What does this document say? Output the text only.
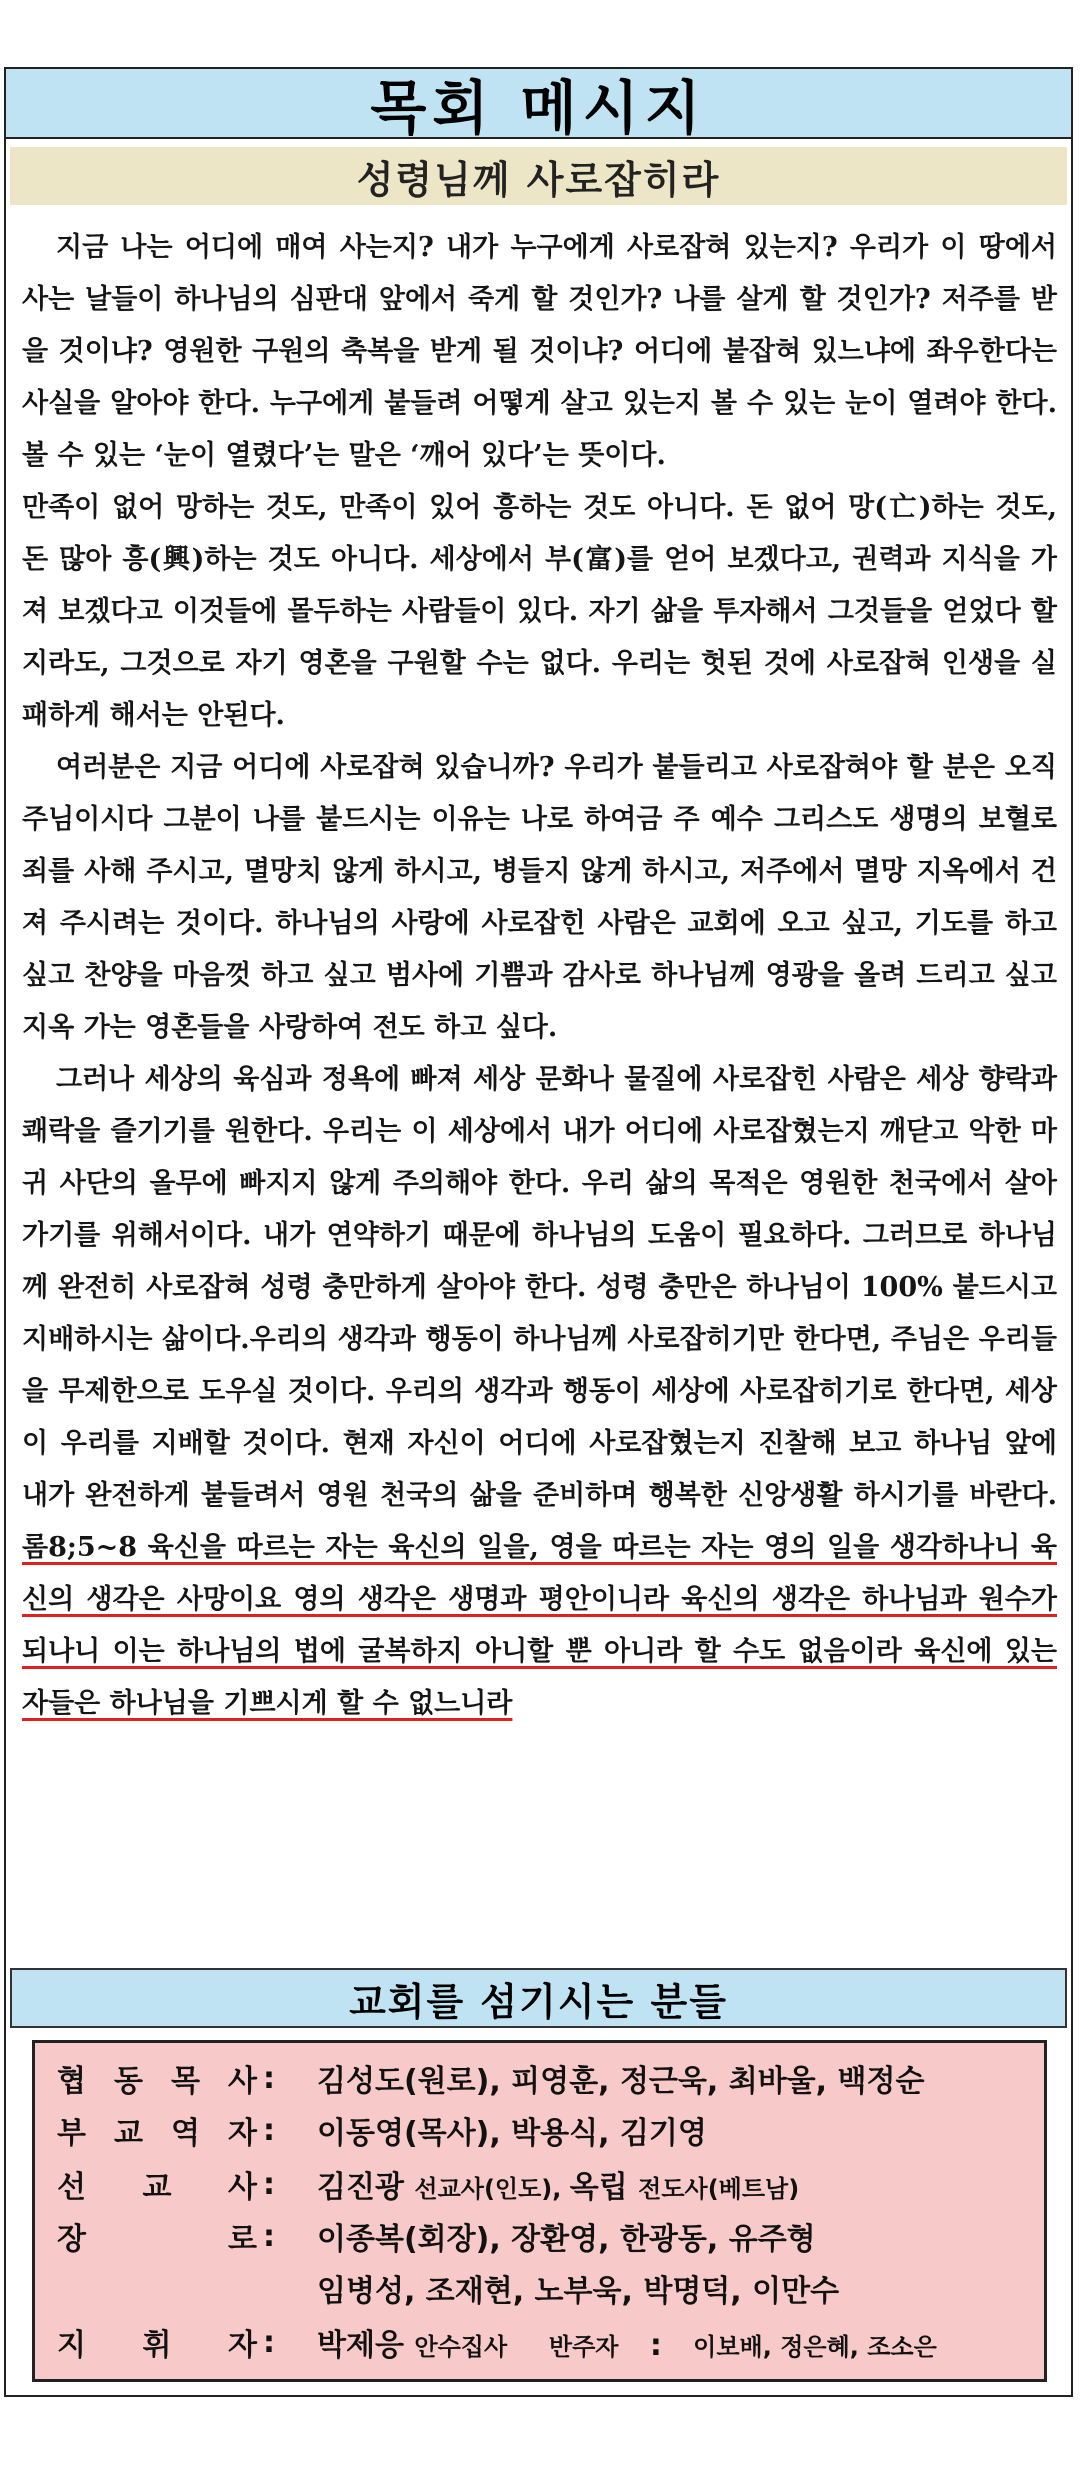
목회 메시지
성령님께 사로잡히라

지금 나는 어디에 매여 사는지? 내가 누구에게 사로잡혀 있는지? 우리가 이 땅에서 사는 날들이 하나님의 심판대 앞에서 죽게 할 것인가? 나를 살게 할 것인가? 저주를 받을 것이냐? 영원한 구원의 축복을 받게 될 것이냐? 어디에 붙잡혀 있느냐에 좌우한다는 사실을 알아야 한다. 누구에게 붙들려 어떻게 살고 있는지 볼 수 있는 눈이 열려야 한다. 볼 수 있는 ‘눈이 열렸다’는 말은 ‘깨어 있다’는 뜻이다.

만족이 없어 망하는 것도, 만족이 있어 흥하는 것도 아니다. 돈 없어 망(亡)하는 것도, 돈 많아 흥(興)하는 것도 아니다. 세상에서 부(富)를 얻어 보겠다고, 권력과 지식을 가져 보겠다고 이것들에 몰두하는 사람들이 있다. 자기 삶을 투자해서 그것들을 얻었다 할지라도, 그것으로 자기 영혼을 구원할 수는 없다. 우리는 헛된 것에 사로잡혀 인생을 실패하게 해서는 안된다.

여러분은 지금 어디에 사로잡혀 있습니까? 우리가 붙들리고 사로잡혀야 할 분은 오직 주님이시다 그분이 나를 붙드시는 이유는 나로 하여금 주 예수 그리스도 생명의 보혈로 죄를 사해 주시고, 멸망치 않게 하시고, 병들지 않게 하시고, 저주에서 멸망 지옥에서 건져 주시려는 것이다. 하나님의 사랑에 사로잡힌 사람은 교회에 오고 싶고, 기도를 하고 싶고 찬양을 마음껏 하고 싶고 범사에 기쁨과 감사로 하나님께 영광을 올려 드리고 싶고 지옥 가는 영혼들을 사랑하여 전도 하고 싶다.

그러나 세상의 육심과 정욕에 빠져 세상 문화나 물질에 사로잡힌 사람은 세상 향락과 쾌락을 즐기기를 원한다. 우리는 이 세상에서 내가 어디에 사로잡혔는지 깨닫고 악한 마귀 사단의 올무에 빠지지 않게 주의해야 한다. 우리 삶의 목적은 영원한 천국에서 살아가기를 위해서이다. 내가 연약하기 때문에 하나님의 도움이 필요하다. 그러므로 하나님께 완전히 사로잡혀 성령 충만하게 살아야 한다. 성령 충만은 하나님이 100% 붙드시고 지배하시는 삶이다.우리의 생각과 행동이 하나님께 사로잡히기만 한다면, 주님은 우리들을 무제한으로 도우실 것이다. 우리의 생각과 행동이 세상에 사로잡히기로 한다면, 세상이 우리를 지배할 것이다. 현재 자신이 어디에 사로잡혔는지 진찰해 보고 하나님 앞에 내가 완전하게 붙들려서 영원 천국의 삶을 준비하며 행복한 신앙생활 하시기를 바란다. 롬8;5~8 육신을 따르는 자는 육신의 일을, 영을 따르는 자는 영의 일을 생각하나니 육신의 생각은 사망이요 영의 생각은 생명과 평안이니라 육신의 생각은 하나님과 원수가 되나니 이는 하나님의 법에 굴복하지 아니할 뿐 아니라 할 수도 없음이라 육신에 있는 자들은 하나님을 기쁘시게 할 수 없느니라

교회를 섬기시는 분들
협 동 목 사 : 김성도(원로), 피영훈, 정근욱, 최바울, 백정순
부 교 역 자 : 이동영(목사), 박용식, 김기영
선 교 사 : 김진광 선교사(인도), 옥립 전도사(베트남)
장	로 : 이종복(회장), 장환영, 한광동, 유주형
임병성, 조재현, 노부욱, 박명덕, 이만수
지 휘 자 : 박제응 안수집사 반주자 : 이보배, 정은혜, 조소은
